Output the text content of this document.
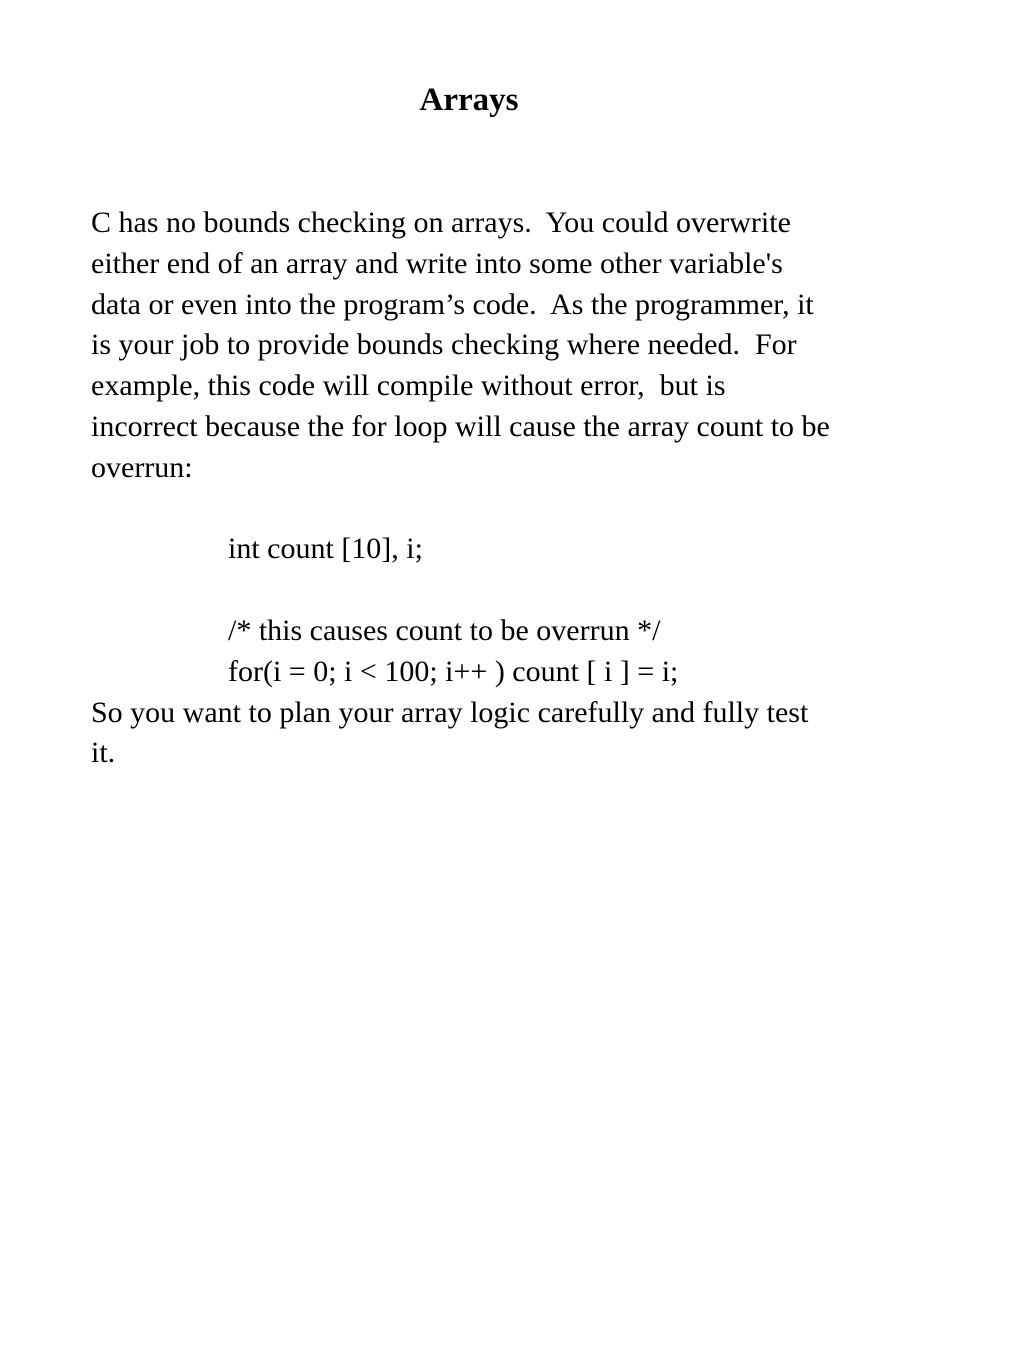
Arrays
C has no bounds checking on arrays.  You could overwrite
either end of an array and write into some other variable's
data or even into the program’s code.  As the programmer, it
is your job to provide bounds checking where needed.  For
example, this code will compile without error,  but is
incorrect because the for loop will cause the array count to be
overrun:
int count [10], i;
/* this causes count to be overrun */
for(i = 0; i < 100; i++ ) count [ i ] = i;
So you want to plan your array logic carefully and fully test
it.
